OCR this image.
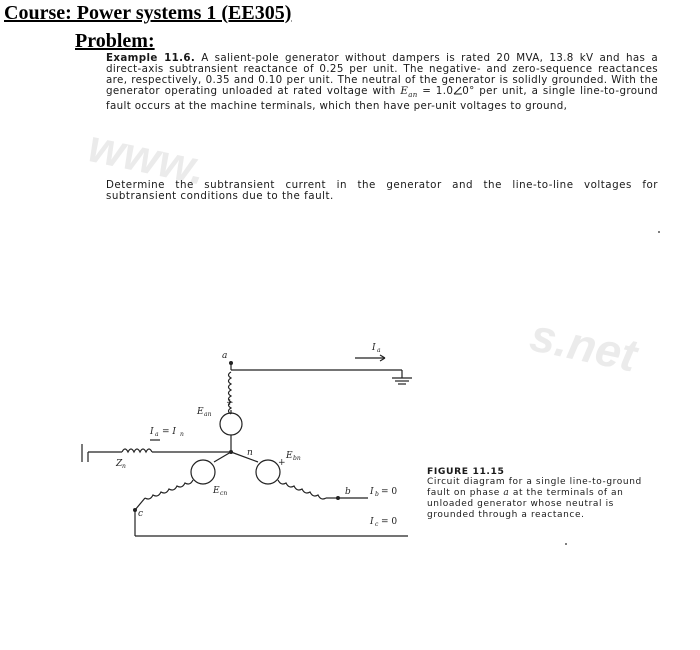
Course: Power systems 1 (EE305)
Problem:
www.
s.net

Example 11.6. A salient-pole generator without dampers is rated 20 MVA, 13.8 kV and has a direct-axis subtransient reactance of 0.25 per unit. The negative- and zero-sequence reactances are, respectively, 0.35 and 0.10 per unit. The neutral of the generator is solidly grounded. With the generator operating unloaded at rated voltage with $E_{an} = 1.0$ 0° per unit, a single line-to-ground fault occurs at the machine terminals, which then have per-unit voltages to ground,

Determine the subtransient current in the generator and the line-to-line voltages for subtransient conditions due to the fault.

a
b
c
n
I a
I a = I n
Z n
E an
E bn
E cn
+
+
I b = 0
I c = 0
FIGURE 11.15
Circuit diagram for a single line-to-ground fault on phase a at the terminals of an unloaded generator whose neutral is grounded through a reactance.
